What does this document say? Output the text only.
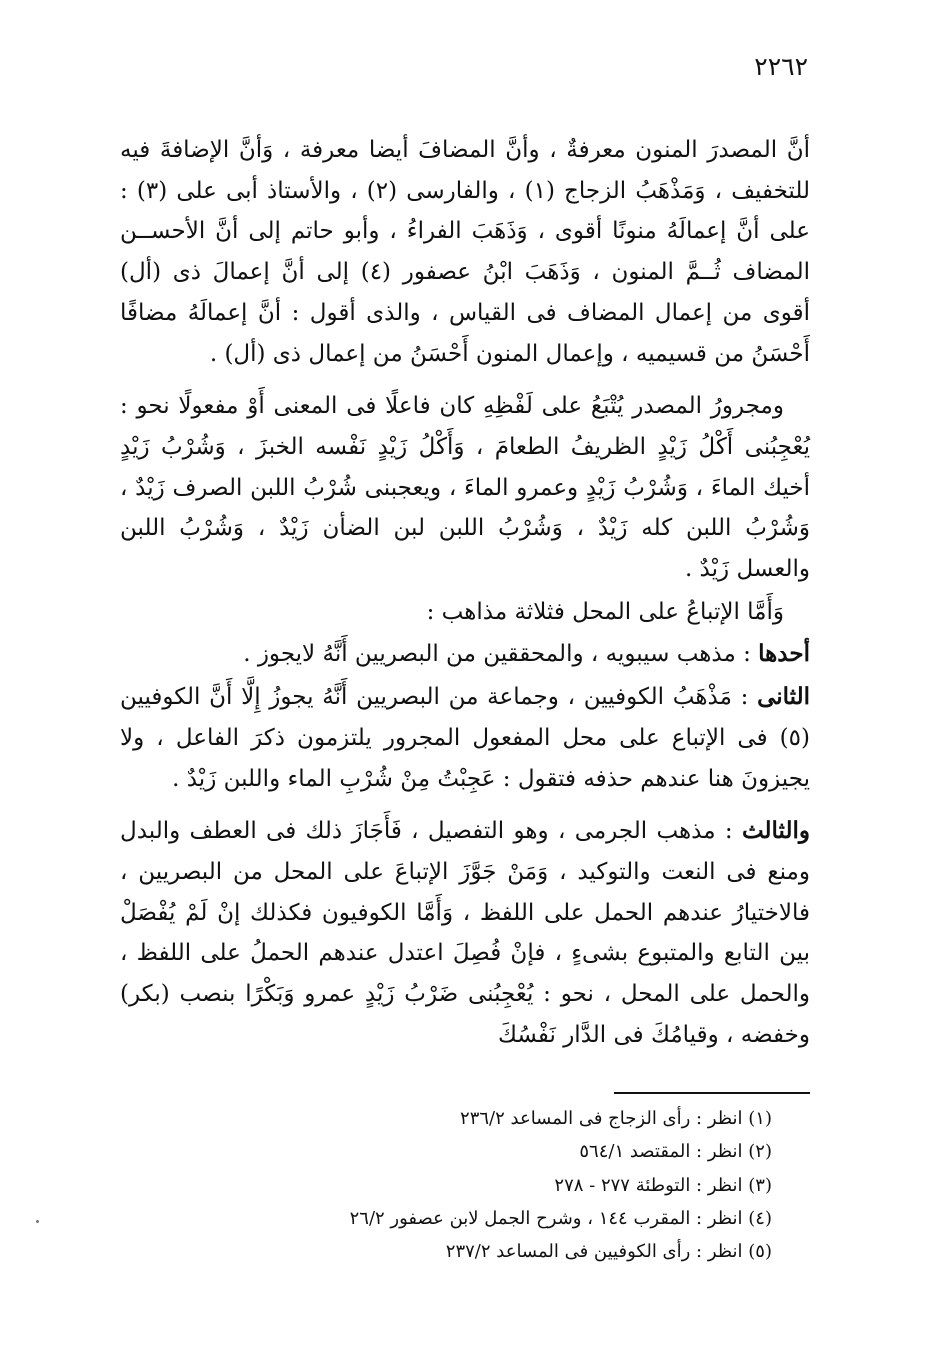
٢٢٦٢

أنَّ المصدرَ المنون معرفةٌ ، وأنَّ المضافَ أيضا معرفة ، وَأنَّ الإضافةَ فيه للتخفيف ، وَمَذْهَبُ الزجاج (١) ، والفارسى (٢) ، والأستاذ أبى على (٣) : على أنَّ إعمالَهُ منونًا أقوى ، وَذَهَبَ الفراءُ ، وأبو حاتم إلى أنَّ الأحســن المضاف ثُــمَّ المنون ، وَذَهَبَ ابْنُ عصفور (٤) إلى أنَّ إعمالَ ذى (أل) أقوى من إعمال المضاف فى القياس ، والذى أقول : أنَّ إعمالَهُ مضافًا أَحْسَنُ من قسيميه ، وإعمال المنون أَحْسَنُ من إعمال ذى (أل) .

ومجرورُ المصدر يُتْبَعُ على لَفْظِهِ كان فاعلًا فى المعنى أَوْ مفعولًا نحو : يُعْجِبُنى أَكْلُ زَيْدٍ الظريفُ الطعامَ ، وَأَكْلُ زَيْدٍ نَفْسه الخبزَ ، وَشُرْبُ زَيْدٍ أخيك الماءَ ، وَشُرْبُ زَيْدٍ وعمرو الماءَ ، ويعجبنى شُرْبُ اللبن الصرف زَيْدٌ ، وَشُرْبُ اللبن كله زَيْدٌ ، وَشُرْبُ اللبن لبن الضأن زَيْدٌ ، وَشُرْبُ اللبن والعسل زَيْدٌ .

وَأَمَّا الإتباعُ على المحل فثلاثة مذاهب :

أحدها : مذهب سيبويه ، والمحققين من البصريين أَنَّهُ لايجوز .

الثانى : مَذْهَبُ الكوفيين ، وجماعة من البصريين أَنَّهُ يجوزُ إِلَّا أَنَّ الكوفيين (٥) فى الإتباع على محل المفعول المجرور يلتزمون ذكرَ الفاعل ، ولا يجيزونَ هنا عندهم حذفه فتقول : عَجِبْتُ مِنْ شُرْبِ الماء واللبن زَيْدٌ .

والثالث : مذهب الجرمى ، وهو التفصيل ، فَأَجَازَ ذلك فى العطف والبدل ومنع فى النعت والتوكيد ، وَمَنْ جَوَّزَ الإتباعَ على المحل من البصريين ، فالاختيارُ عندهم الحمل على اللفظ ، وَأَمَّا الكوفيون فكذلك إنْ لَمْ يُفْصَلْ بين التابع والمتبوع بشىءٍ ، فإنْ فُصِلَ اعتدل عندهم الحملُ على اللفظ ، والحمل على المحل ، نحو : يُعْجِبُنى ضَرْبُ زَيْدٍ عمرو وَبَكْرًا بنصب (بكر) وخفضه ، وقيامُكَ فى الدَّار نَفْسُكَ

(١) انظر : رأى الزجاج فى المساعد ٢٣٦/٢
(٢) انظر : المقتصد ٥٦٤/١
(٣) انظر : التوطئة ٢٧٧ - ٢٧٨
(٤) انظر : المقرب ١٤٤ ، وشرح الجمل لابن عصفور ٢٦/٢
(٥) انظر : رأى الكوفيين فى المساعد ٢٣٧/٢
